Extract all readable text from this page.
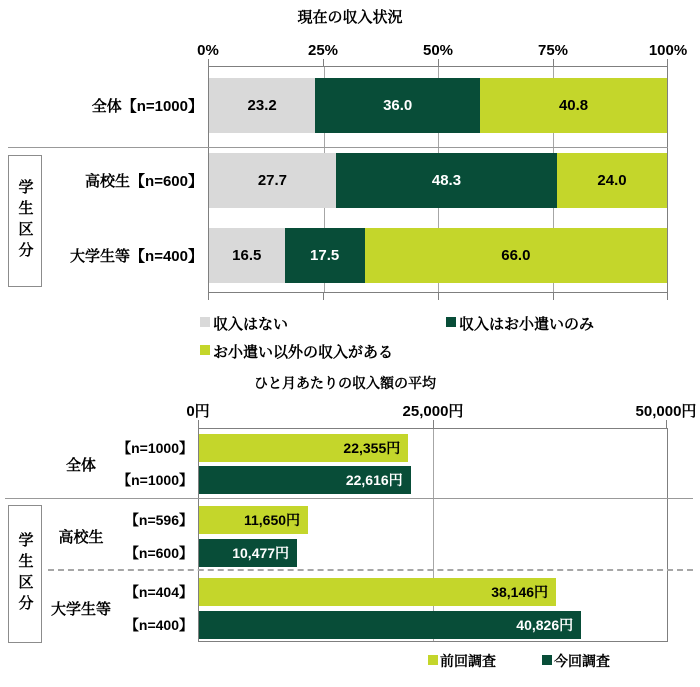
現在の収入状況
0%	25%	50%	75%	100%
23.2	36.0	40.8
27.7	48.3	24.0
16.5	17.5	66.0
全体【n=1000】
高校生【n=600】
大学生等【n=400】
学生区分
収入はない	収入はお小遣いのみ
お小遣い以外の収入がある
ひと月あたりの収入額の平均
0円	25,000円	50,000円
22,355円
22,616円
11,650円
10,477円
38,146円
40,826円
【n=1000】
【n=1000】
【n=596】
【n=600】
【n=404】
【n=400】
全体
高校生
大学生等
学生区分
前回調査	今回調査
